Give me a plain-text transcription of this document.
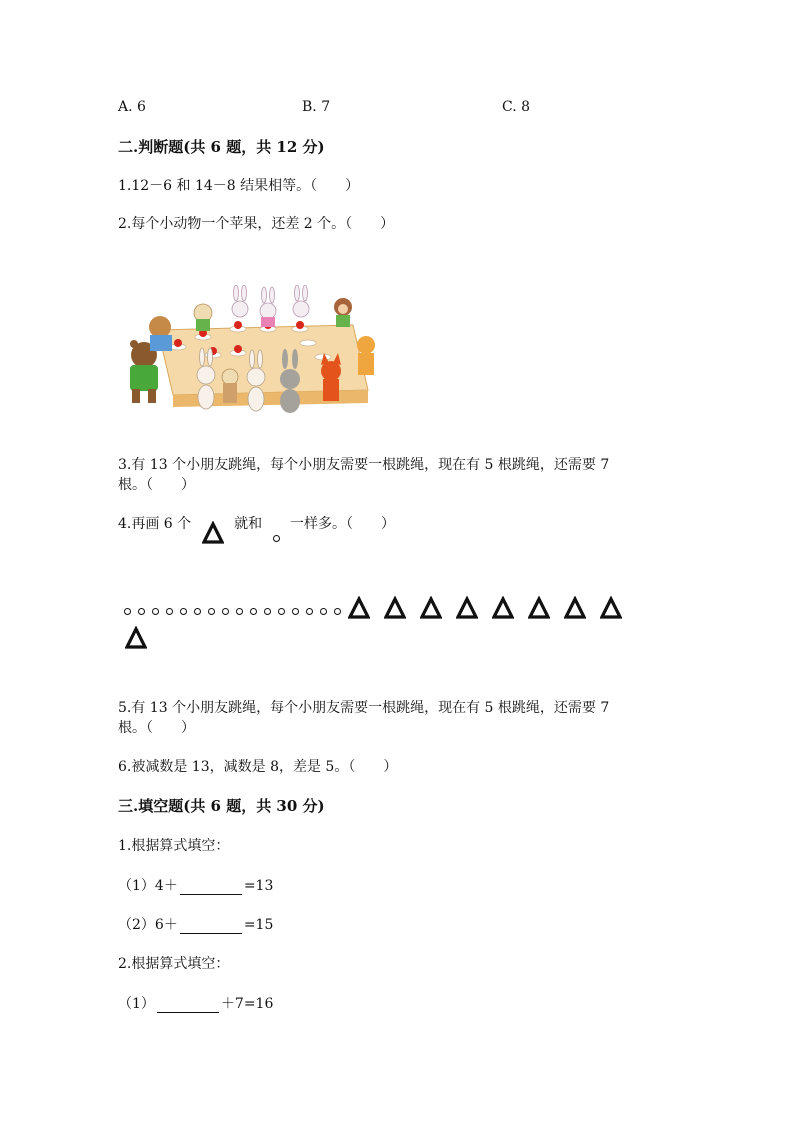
A. 6	B. 7	C. 8
二.判断题(共 6 题，共 12 分)
1.12－6 和 14－8 结果相等。（　　）
2.每个小动物一个苹果，还差 2 个。（　　）
3.有 13 个小朋友跳绳，每个小朋友需要一根跳绳，现在有 5 根跳绳，还需要 7
根。（　　）
4.再画 6 个	就和 一样多。（　　）
5.有 13 个小朋友跳绳，每个小朋友需要一根跳绳，现在有 5 根跳绳，还需要 7
根。（　　）
6.被减数是 13，减数是 8，差是 5。（　　）
三.填空题(共 6 题，共 30 分)
1.根据算式填空：
（1）4＋	=13
（2）6＋	=15
2.根据算式填空：
（1）	＋7=16
